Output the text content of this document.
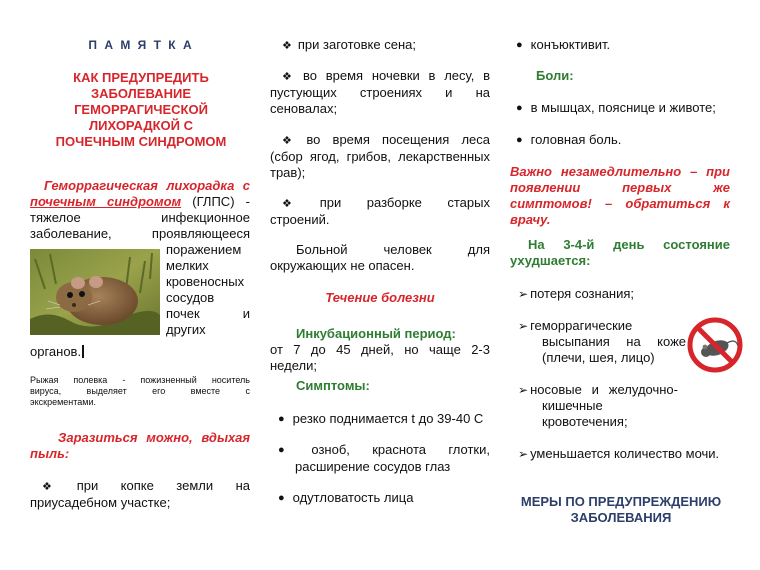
П А М Я Т К А
КАК ПРЕДУПРЕДИТЬ
ЗАБОЛЕВАНИЕ
ГЕМОРРАГИЧЕСКОЙ
ЛИХОРАДКОЙ С
ПОЧЕЧНЫМ СИНДРОМОМ
Геморрагическая лихорадка с
почечным синдромом (ГЛПС) -
тяжелое инфекционное
заболевание, проявляющееся
поражением
мелких
кровеносных
сосудов
почек и
других
органов.
Рыжая полевка - пожизненный носитель
вируса, выделяет его вместе с
экскрементами.
Заразиться можно, вдыхая
пыль:
❖ при копке земли на
приусадебном участке;
❖ при заготовке сена;
❖ во время ночевки в лесу, в
пустующих строениях и на
сеновалах;
❖ во время посещения леса
(сбор ягод, грибов, лекарственных
трав);
❖ при разборке старых
строений.
Больной человек для
окружающих не опасен.
Течение болезни
Инкубационный период:
от 7 до 45 дней, но чаще 2-3
недели;
Симптомы:
● резко поднимается t до 39-40 С
● озноб, краснота глотки,
расширение сосудов глаз
● одутловатость лица
● конъюктивит.
Боли:
● в мышцах, пояснице и животе;
● головная боль.
Важно незамедлительно – при
появлении первых же
симптомов! – обратиться к
врачу.
На 3-4-й день состояние
ухудшается:
➢ потеря сознания;
➢ геморрагические
высыпания на коже
(плечи, шея, лицо)
➢ носовые и желудочно-
кишечные
кровотечения;
➢ уменьшается количество мочи.
МЕРЫ ПО ПРЕДУПРЕЖДЕНИЮ
ЗАБОЛЕВАНИЯ
